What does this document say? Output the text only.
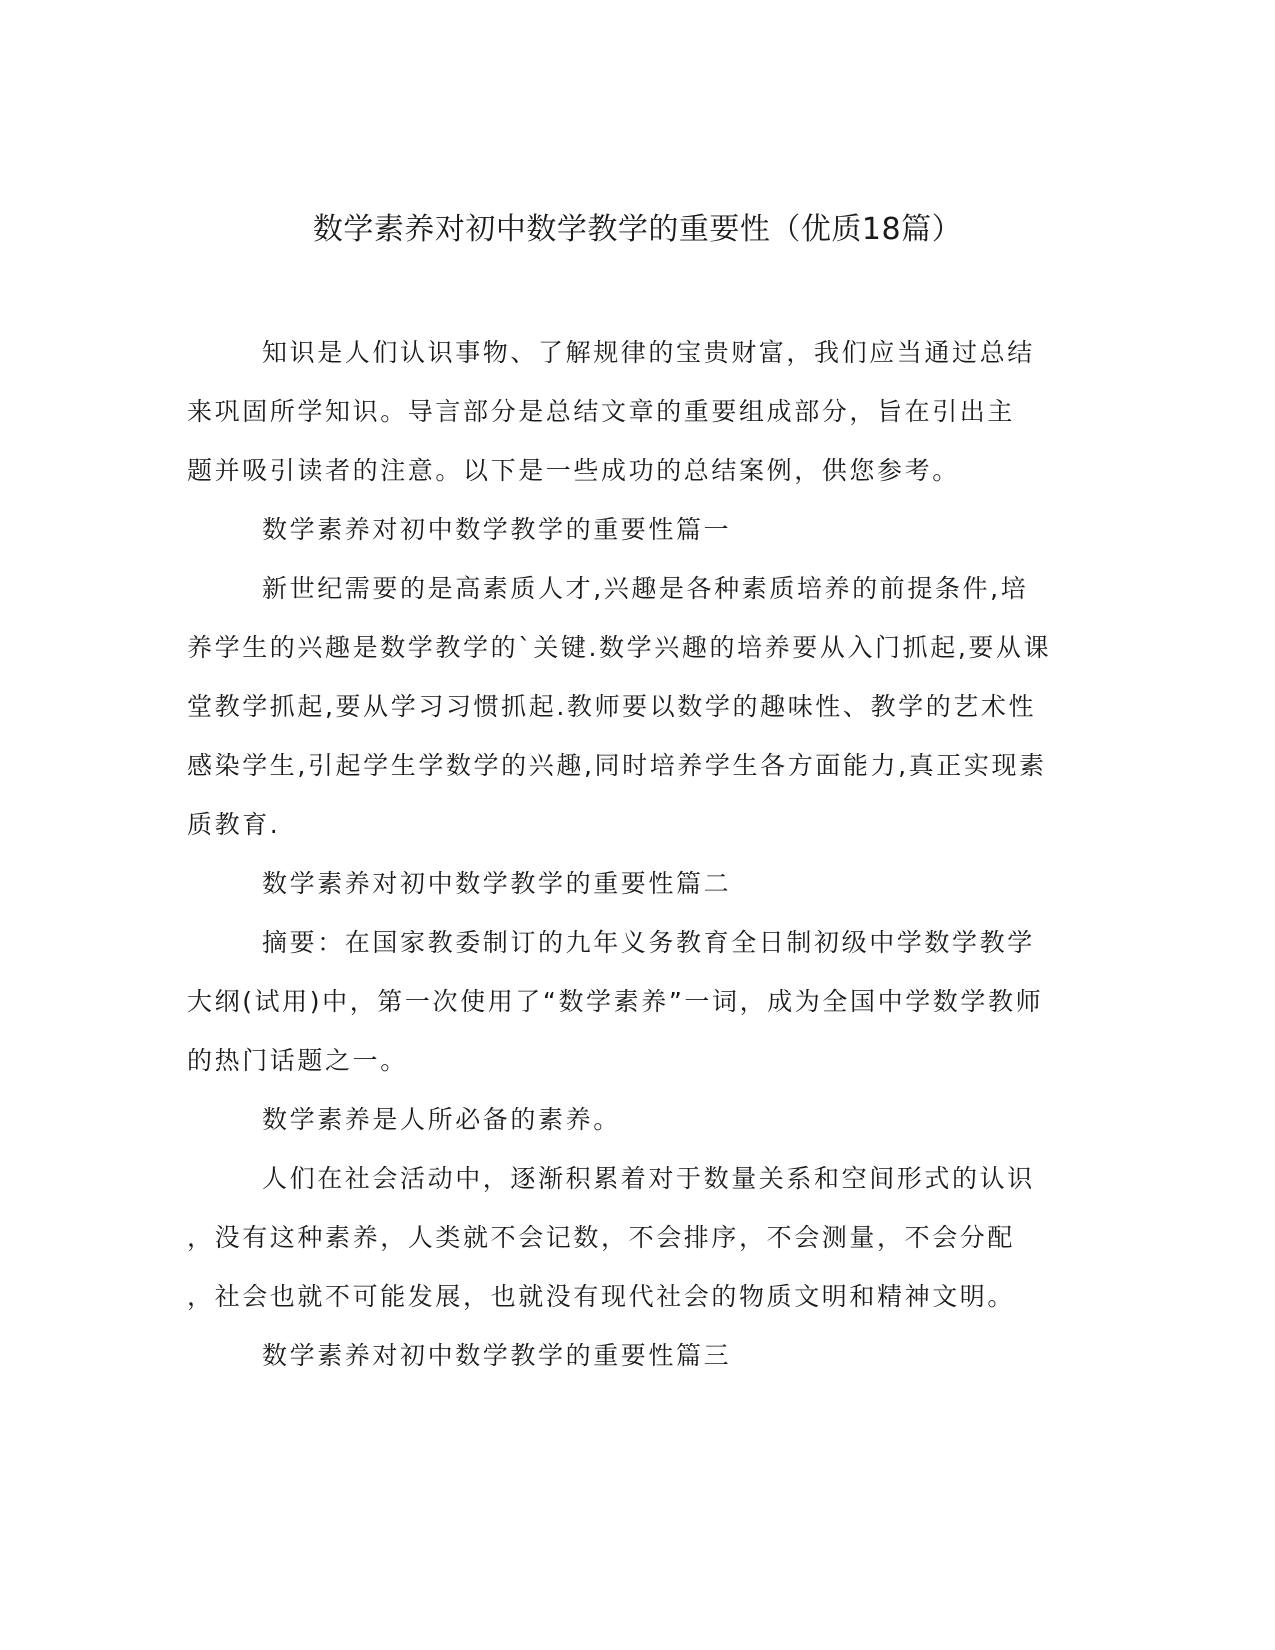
数学素养对初中数学教学的重要性（优质18篇）
知识是人们认识事物、了解规律的宝贵财富，我们应当通过总结
来巩固所学知识。导言部分是总结文章的重要组成部分，旨在引出主
题并吸引读者的注意。以下是一些成功的总结案例，供您参考。
数学素养对初中数学教学的重要性篇一
新世纪需要的是高素质人才,兴趣是各种素质培养的前提条件,培
养学生的兴趣是数学教学的`关键.数学兴趣的培养要从入门抓起,要从课
堂教学抓起,要从学习习惯抓起.教师要以数学的趣味性、教学的艺术性
感染学生,引起学生学数学的兴趣,同时培养学生各方面能力,真正实现素
质教育.
数学素养对初中数学教学的重要性篇二
摘要：在国家教委制订的九年义务教育全日制初级中学数学教学
大纲(试用)中，第一次使用了“数学素养”一词，成为全国中学数学教师
的热门话题之一。
数学素养是人所必备的素养。
人们在社会活动中，逐渐积累着对于数量关系和空间形式的认识
，没有这种素养，人类就不会记数，不会排序，不会测量，不会分配
，社会也就不可能发展，也就没有现代社会的物质文明和精神文明。
数学素养对初中数学教学的重要性篇三
